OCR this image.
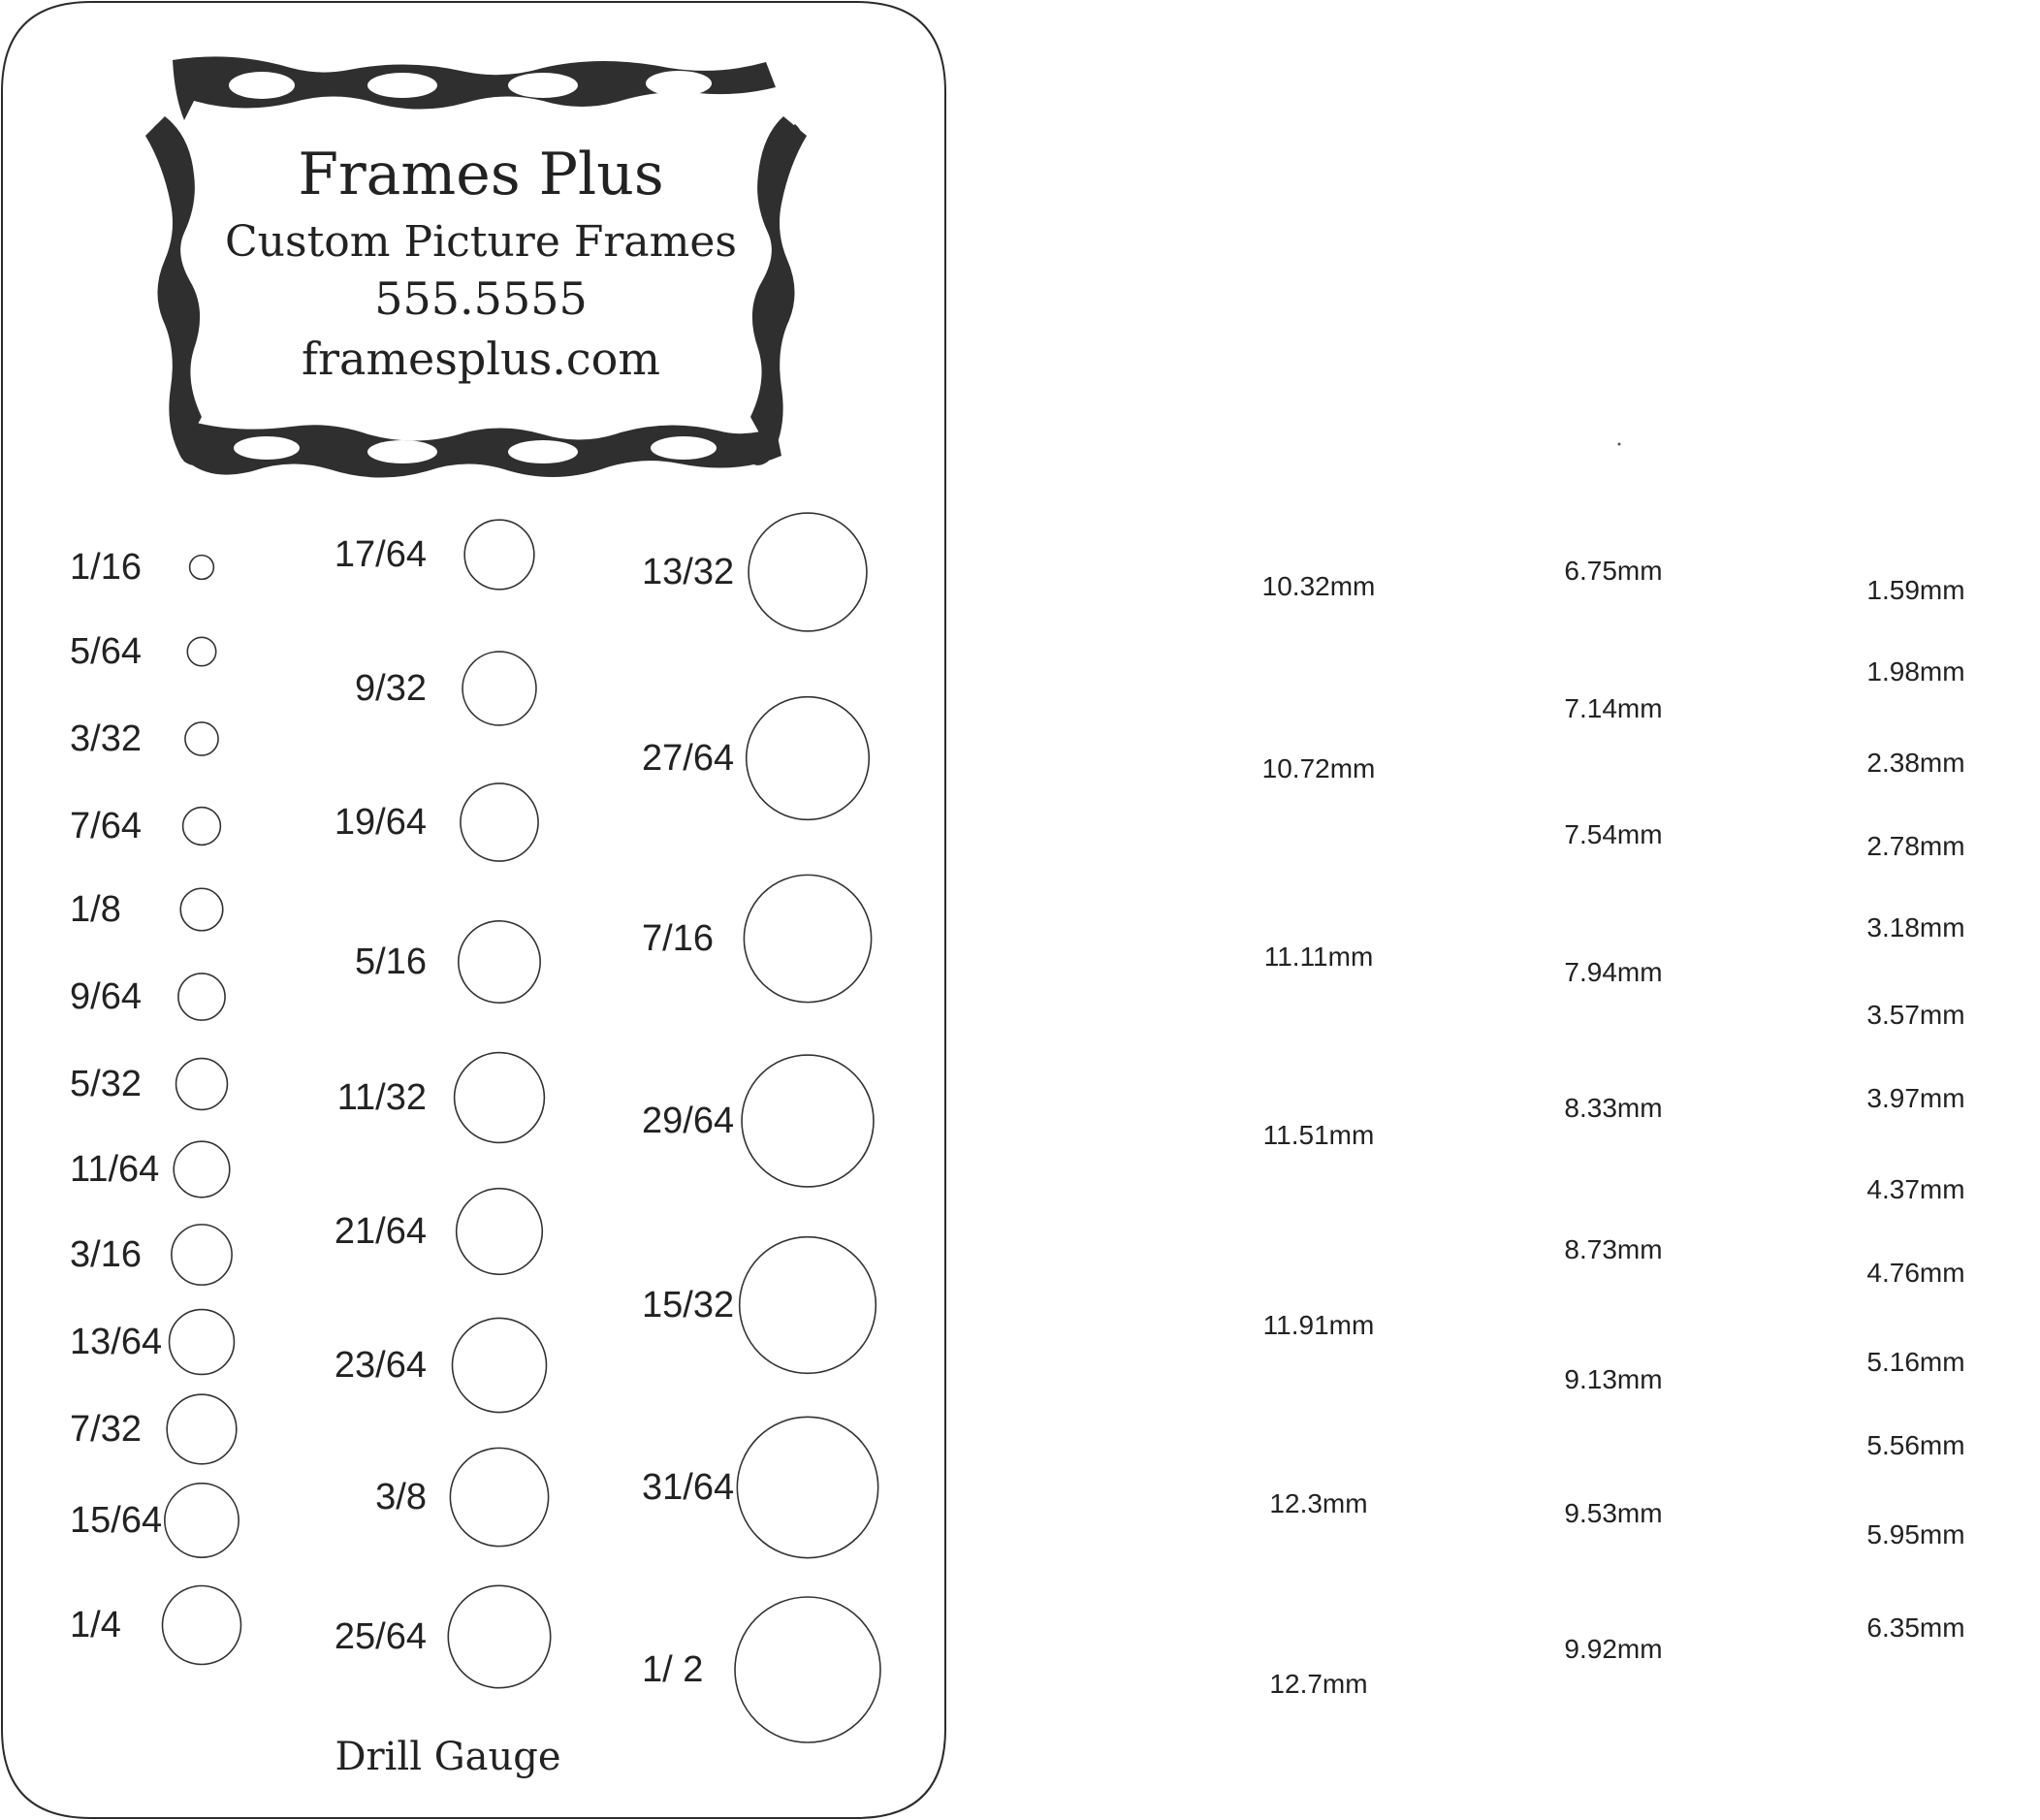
Frames Plus
Custom Picture Frames
555.5555
framesplus.com
1/16
5/64
3/32
7/64
1/8
9/64
5/32
11/64
3/16
13/64
7/32
15/64
1/4
17/64
9/32
19/64
5/16
11/32
21/64
23/64
3/8
25/64
13/32
27/64
7/16
29/64
15/32
31/64
1/ 2
Drill Gauge
10.32mm
10.72mm
11.11mm
11.51mm
11.91mm
12.3mm
12.7mm
6.75mm
7.14mm
7.54mm
7.94mm
8.33mm
8.73mm
9.13mm
9.53mm
9.92mm
1.59mm
1.98mm
2.38mm
2.78mm
3.18mm
3.57mm
3.97mm
4.37mm
4.76mm
5.16mm
5.56mm
5.95mm
6.35mm
